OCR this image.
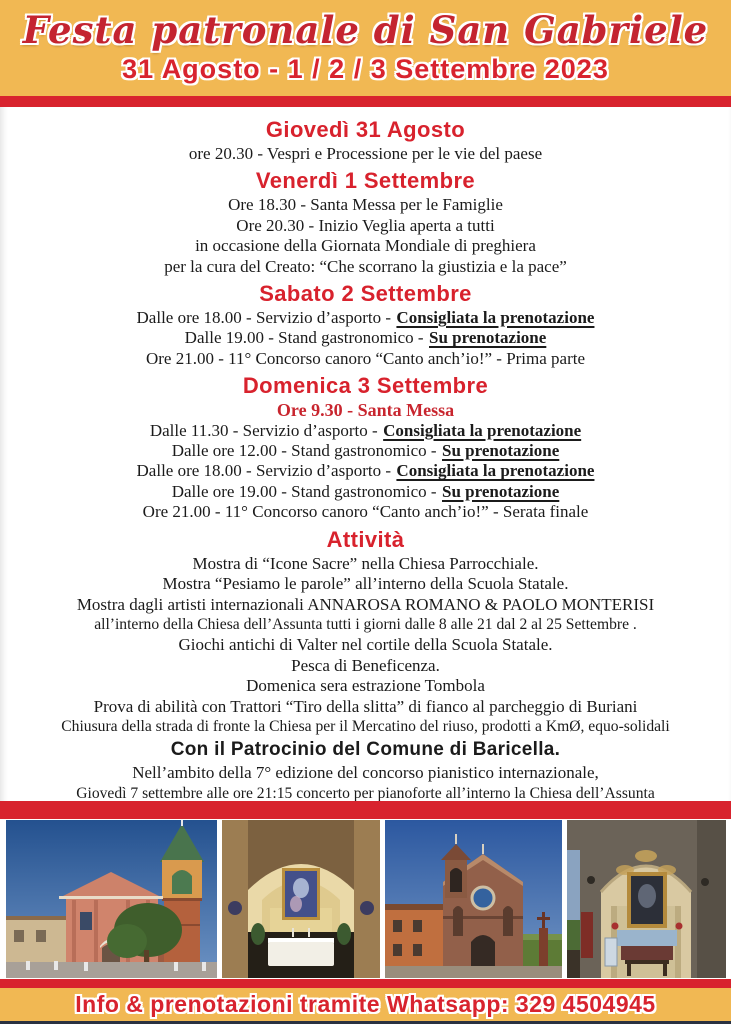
Festa patronale di San Gabriele
31 Agosto - 1 / 2 / 3 Settembre 2023
Giovedì 31 Agosto
ore 20.30 - Vespri e Processione per le vie del paese
Venerdì 1 Settembre
Ore 18.30 - Santa Messa per le Famiglie
Ore 20.30 - Inizio Veglia aperta a tutti
in occasione della Giornata Mondiale di preghiera
per la cura del Creato: “Che scorrano la giustizia e la pace”
Sabato 2 Settembre
Dalle ore 18.00 - Servizio d’asporto - Consigliata la prenotazione
Dalle 19.00 - Stand gastronomico - Su prenotazione
Ore 21.00 - 11° Concorso canoro “Canto anch’io!” - Prima parte
Domenica 3 Settembre
Ore 9.30 - Santa Messa
Dalle 11.30 - Servizio d’asporto - Consigliata la prenotazione
Dalle ore 12.00 - Stand gastronomico - Su prenotazione
Dalle ore 18.00 - Servizio d’asporto - Consigliata la prenotazione
Dalle ore 19.00 - Stand gastronomico - Su prenotazione
Ore 21.00 - 11° Concorso canoro “Canto anch’io!” - Serata finale
Attività
Mostra di “Icone Sacre” nella Chiesa Parrocchiale.
Mostra “Pesiamo le parole” all’interno della Scuola Statale.
Mostra dagli artisti internazionali ANNAROSA ROMANO & PAOLO MONTERISI
all’interno della Chiesa dell’Assunta tutti i giorni dalle 8 alle 21 dal 2 al 25 Settembre .
Giochi antichi di Valter nel cortile della Scuola Statale.
Pesca di Beneficenza.
Domenica sera estrazione Tombola
Prova di abilità con Trattori “Tiro della slitta” di fianco al parcheggio di Buriani
Chiusura della strada di fronte la Chiesa per il Mercatino del riuso, prodotti a KmØ, equo-solidali
Con il Patrocinio del Comune di Baricella.
Nell’ambito della 7° edizione del concorso pianistico internazionale,
Giovedì 7 settembre alle ore 21:15 concerto per pianoforte all’interno la Chiesa dell’Assunta
Info & prenotazioni tramite Whatsapp: 329 4504945
